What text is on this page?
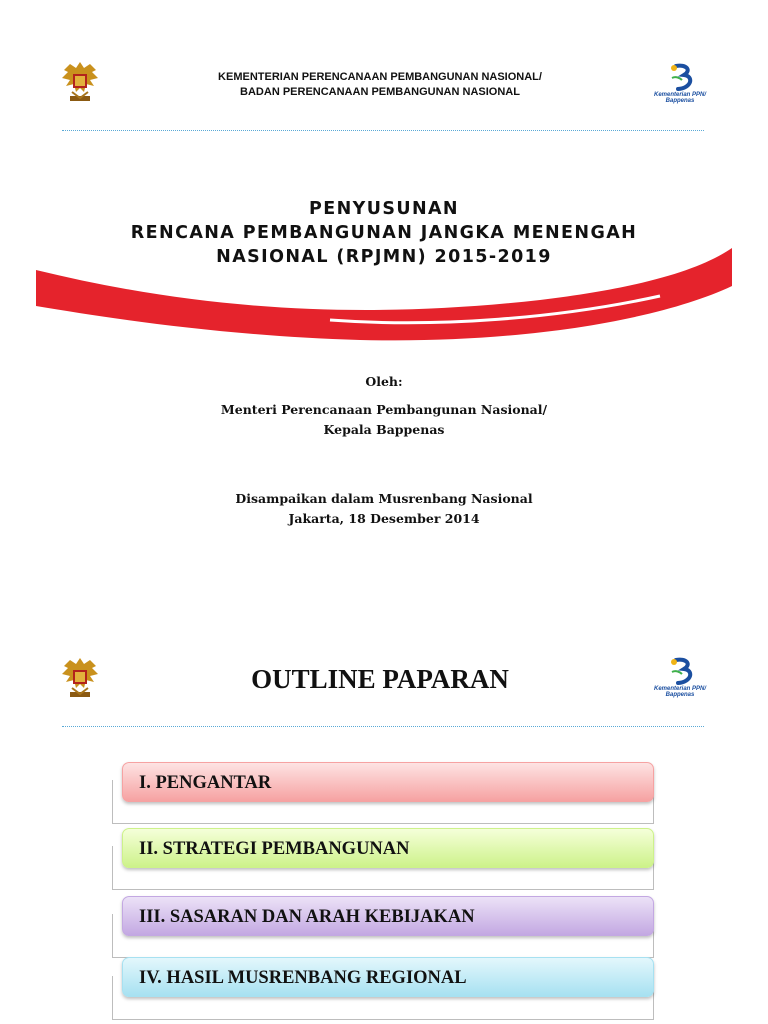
KEMENTERIAN PERENCANAAN PEMBANGUNAN NASIONAL/
BADAN PERENCANAAN PEMBANGUNAN NASIONAL	Kementerian PPN/
Bappenas
PENYUSUNAN
RENCANA PEMBANGUNAN JANGKA MENENGAH
NASIONAL (RPJMN) 2015-2019
Oleh:
Menteri Perencanaan Pembangunan Nasional/
Kepala Bappenas
Disampaikan dalam Musrenbang Nasional
Jakarta, 18 Desember 2014
OUTLINE PAPARAN	Kementerian PPN/
Bappenas
I. PENGANTAR
II. STRATEGI PEMBANGUNAN
III. SASARAN DAN ARAH KEBIJAKAN
IV. HASIL MUSRENBANG REGIONAL
